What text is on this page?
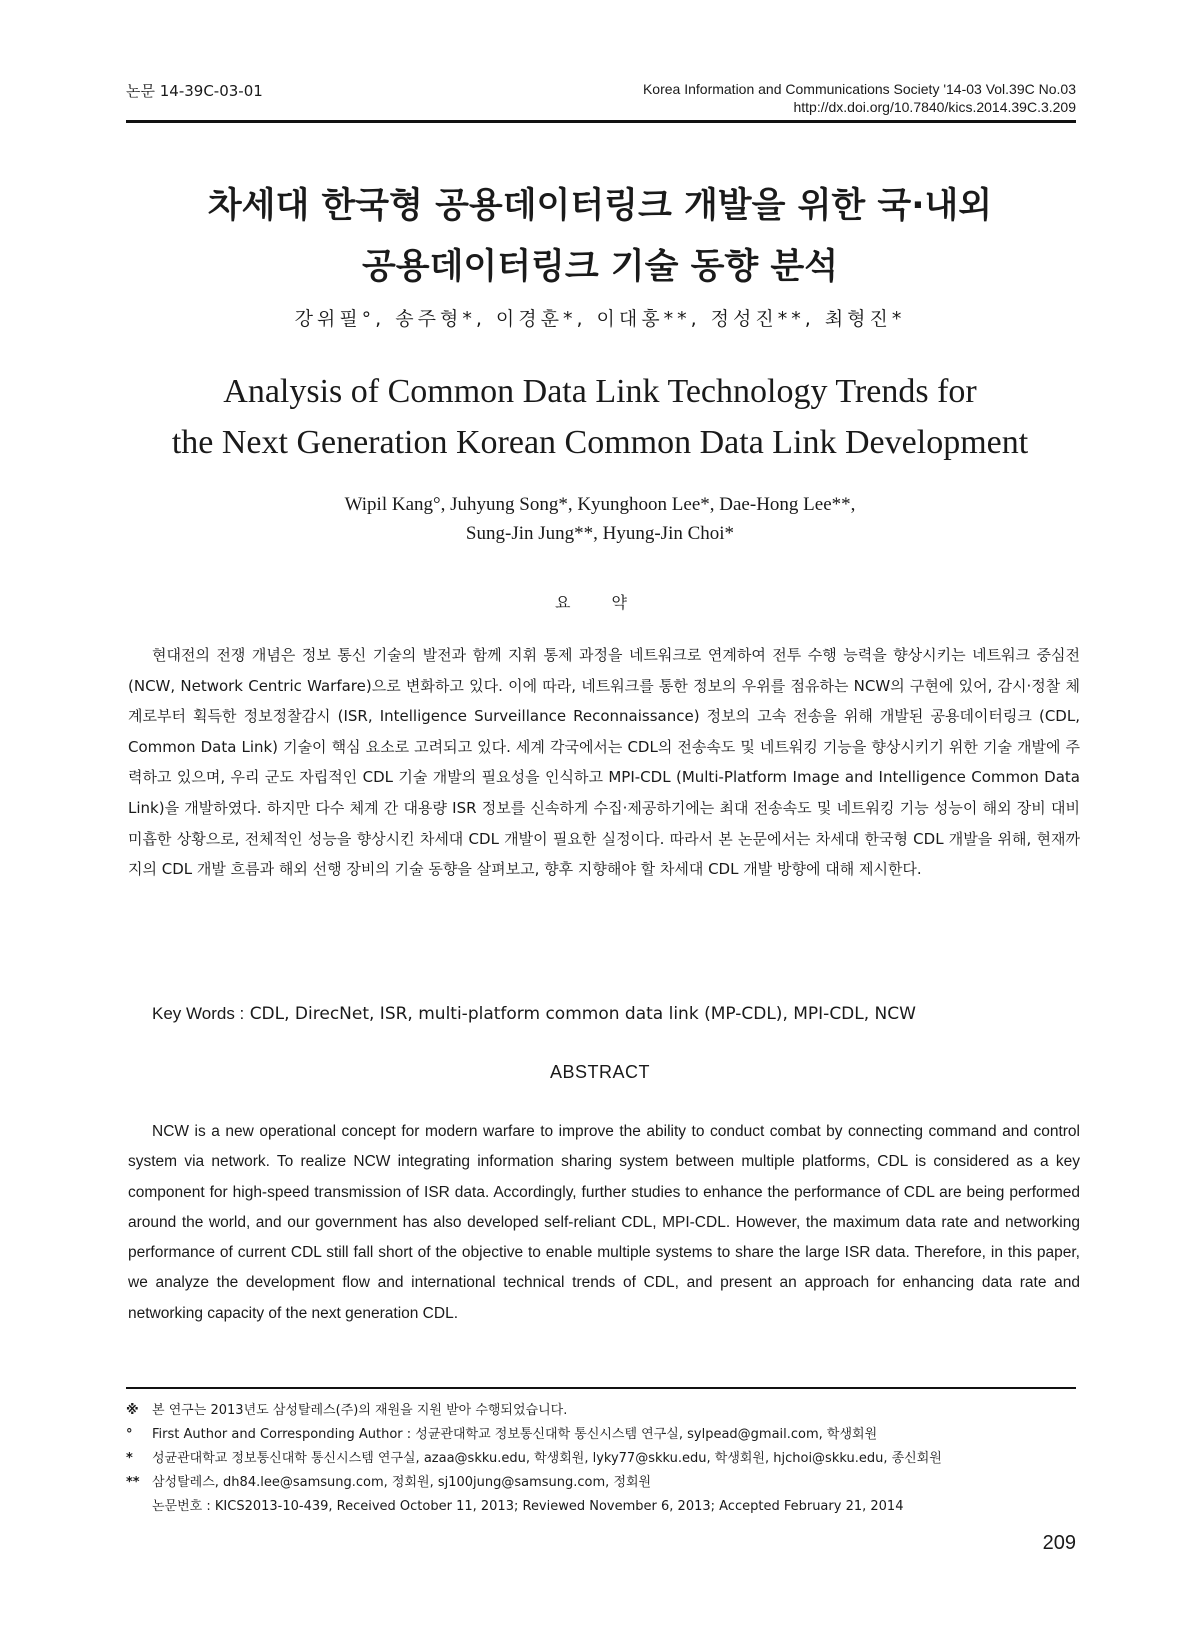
논문 14-39C-03-01	Korea Information and Communications Society '14-03 Vol.39C No.03
http://dx.doi.org/10.7840/kics.2014.39C.3.209
차세대 한국형 공용데이터링크 개발을 위한 국·내외
공용데이터링크 기술 동향 분석
강위필°, 송주형*, 이경훈*, 이대홍**, 정성진**, 최형진*
Analysis of Common Data Link Technology Trends for
the Next Generation Korean Common Data Link Development
Wipil Kang°, Juhyung Song*, Kyunghoon Lee*, Dae-Hong Lee**,
Sung-Jin Jung**, Hyung-Jin Choi*
요 약

현대전의 전쟁 개념은 정보 통신 기술의 발전과 함께 지휘 통제 과정을 네트워크로 연계하여 전투 수행 능력을 향상시키는 네트워크 중심전 (NCW, Network Centric Warfare)으로 변화하고 있다. 이에 따라, 네트워크를 통한 정보의 우위를 점유하는 NCW의 구현에 있어, 감시·정찰 체계로부터 획득한 정보정찰감시 (ISR, Intelligence Surveillance Reconnaissance) 정보의 고속 전송을 위해 개발된 공용데이터링크 (CDL, Common Data Link) 기술이 핵심 요소로 고려되고 있다. 세계 각국에서는 CDL의 전송속도 및 네트워킹 기능을 향상시키기 위한 기술 개발에 주력하고 있으며, 우리 군도 자립적인 CDL 기술 개발의 필요성을 인식하고 MPI-CDL (Multi-Platform Image and Intelligence Common Data Link)을 개발하였다. 하지만 다수 체계 간 대용량 ISR 정보를 신속하게 수집·제공하기에는 최대 전송속도 및 네트워킹 기능 성능이 해외 장비 대비 미흡한 상황으로, 전체적인 성능을 향상시킨 차세대 CDL 개발이 필요한 실정이다. 따라서 본 논문에서는 차세대 한국형 CDL 개발을 위해, 현재까지의 CDL 개발 흐름과 해외 선행 장비의 기술 동향을 살펴보고, 향후 지향해야 할 차세대 CDL 개발 방향에 대해 제시한다.

Key Words : CDL, DirecNet, ISR, multi-platform common data link (MP-CDL), MPI-CDL, NCW
ABSTRACT

NCW is a new operational concept for modern warfare to improve the ability to conduct combat by connecting command and control system via network. To realize NCW integrating information sharing system between multiple platforms, CDL is considered as a key component for high-speed transmission of ISR data. Accordingly, further studies to enhance the performance of CDL are being performed around the world, and our government has also developed self-reliant CDL, MPI-CDL. However, the maximum data rate and networking performance of current CDL still fall short of the objective to enable multiple systems to share the large ISR data. Therefore, in this paper, we analyze the development flow and international technical trends of CDL, and present an approach for enhancing data rate and networking capacity of the next generation CDL.

※ 본 연구는 2013년도 삼성탈레스(주)의 재원을 지원 받아 수행되었습니다.
° First Author and Corresponding Author : 성균관대학교 정보통신대학 통신시스템 연구실, sylpead@gmail.com, 학생회원
* 성균관대학교 정보통신대학 통신시스템 연구실, azaa@skku.edu, 학생회원, lyky77@skku.edu, 학생회원, hjchoi@skku.edu, 종신회원
** 삼성탈레스, dh84.lee@samsung.com, 정회원, sj100jung@samsung.com, 정회원
논문번호 : KICS2013-10-439, Received October 11, 2013; Reviewed November 6, 2013; Accepted February 21, 2014
209
